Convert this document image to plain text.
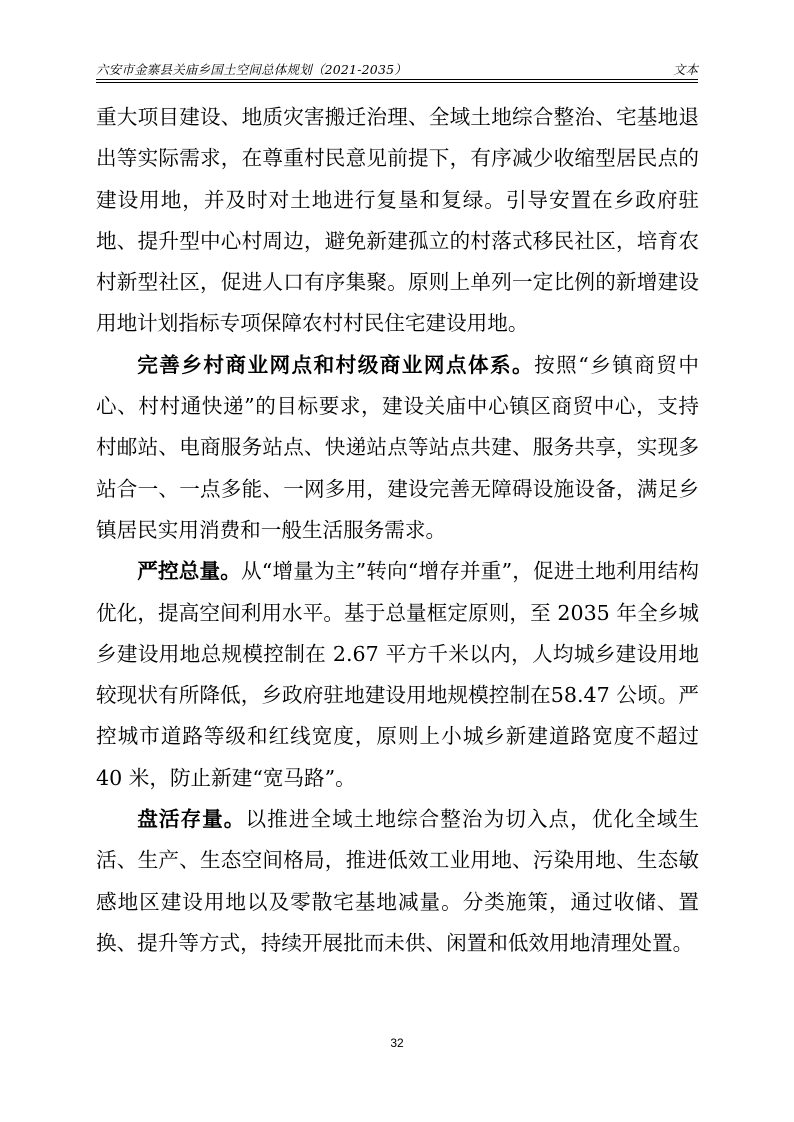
六安市金寨县关庙乡国土空间总体规划（2021-2035）	文本

重大项目建设、地质灾害搬迁治理、全域土地综合整治、宅基地退出等实际需求，在尊重村民意见前提下，有序减少收缩型居民点的建设用地，并及时对土地进行复垦和复绿。引导安置在乡政府驻地、提升型中心村周边，避免新建孤立的村落式移民社区，培育农村新型社区，促进人口有序集聚。原则上单列一定比例的新增建设用地计划指标专项保障农村村民住宅建设用地。

完善乡村商业网点和村级商业网点体系。按照“乡镇商贸中心、村村通快递”的目标要求，建设关庙中心镇区商贸中心，支持村邮站、电商服务站点、快递站点等站点共建、服务共享，实现多站合一、一点多能、一网多用，建设完善无障碍设施设备，满足乡镇居民实用消费和一般生活服务需求。

严控总量。从“增量为主”转向“增存并重”，促进土地利用结构优化，提高空间利用水平。基于总量框定原则，至 2035 年全乡城乡建设用地总规模控制在 2.67 平方千米以内，人均城乡建设用地较现状有所降低，乡政府驻地建设用地规模控制在58.47 公顷。严控城市道路等级和红线宽度，原则上小城乡新建道路宽度不超过 40 米，防止新建“宽马路”。

盘活存量。以推进全域土地综合整治为切入点，优化全域生活、生产、生态空间格局，推进低效工业用地、污染用地、生态敏感地区建设用地以及零散宅基地减量。分类施策，通过收储、置换、提升等方式，持续开展批而未供、闲置和低效用地清理处置。

32
